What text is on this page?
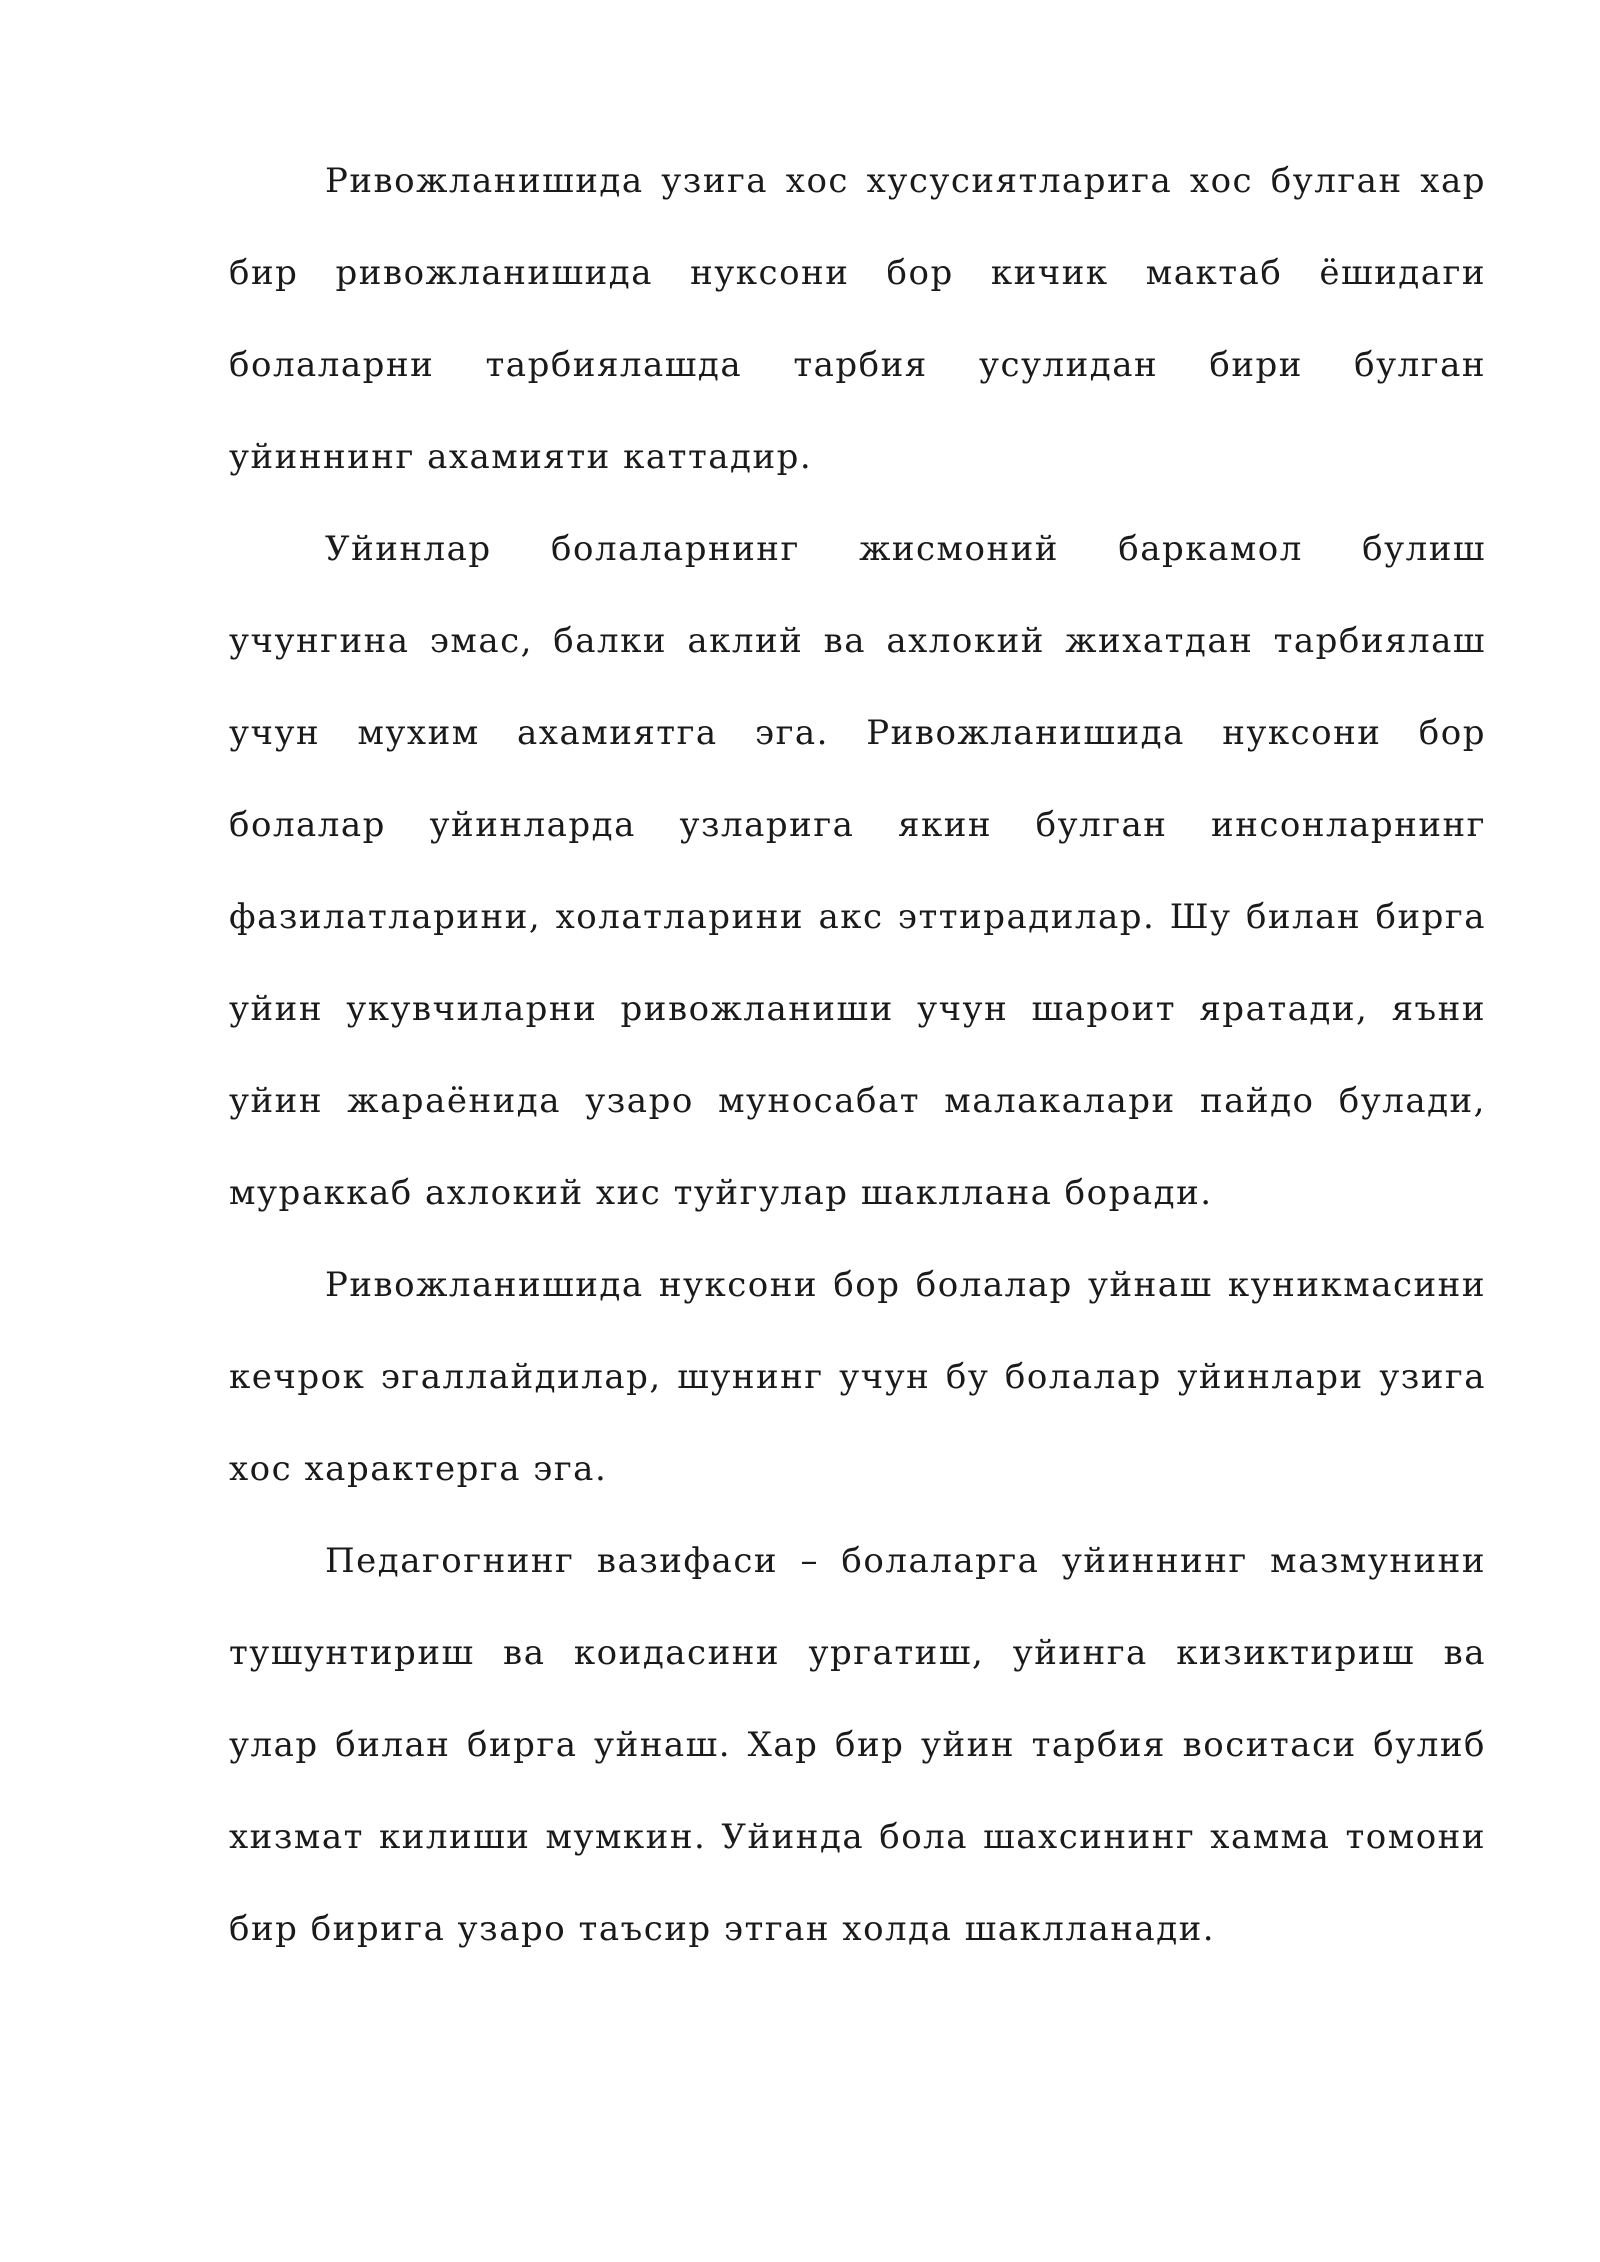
Ривожланишида узига хос хусусиятларига хос булган хар бир ривожланишида нуксони бор кичик мактаб ёшидаги болаларни тарбиялашда тарбия усулидан бири булган уйиннинг ахамияти каттадир.

Уйинлар болаларнинг жисмоний баркамол булиш учунгина эмас, балки аклий ва ахлокий жихатдан тарбиялаш учун мухим ахамиятга эга. Ривожланишида нуксони бор болалар уйинларда узларига якин булган инсонларнинг фазилатларини, холатларини акс эттирадилар. Шу билан бирга уйин укувчиларни ривожланиши учун шароит яратади, яъни уйин жараёнида узаро муносабат малакалари пайдо булади, мураккаб ахлокий хис туйгулар шакллана боради.

Ривожланишида нуксони бор болалар уйнаш куникмасини кечрок эгаллайдилар, шунинг учун бу болалар уйинлари узига хос характерга эга.

Педагогнинг вазифаси – болаларга уйиннинг мазмунини тушунтириш ва коидасини ургатиш, уйинга кизиктириш ва улар билан бирга уйнаш. Хар бир уйин тарбия воситаси булиб хизмат килиши мумкин. Уйинда бола шахсининг хамма томони бир бирига узаро таъсир этган холда шаклланади.
